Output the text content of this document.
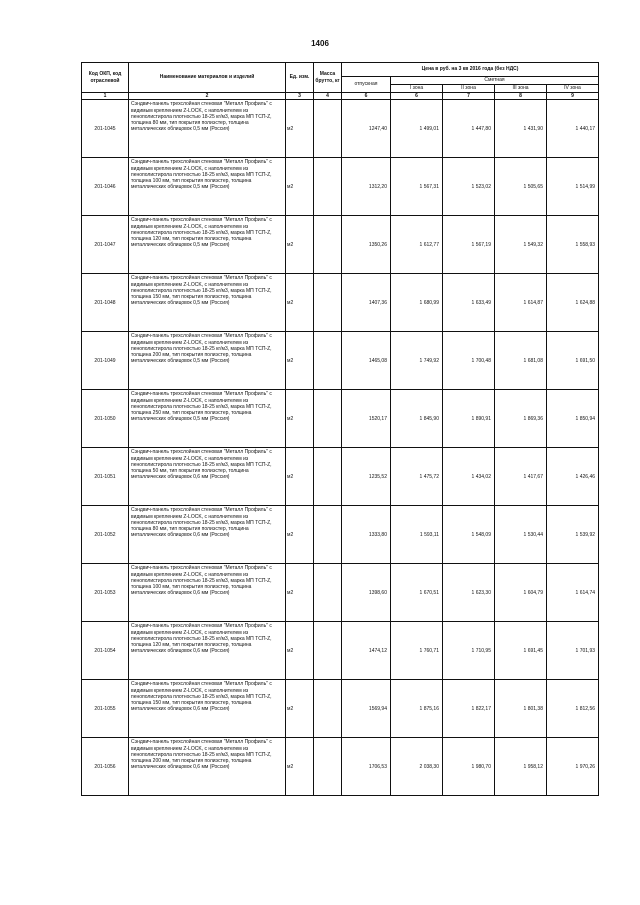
1406
Код ОКП, код отраслевой	Наименование материалов и изделий	Ед. изм.	Масса брутто, кг	Цена в руб. на 3 кв 2016 года (без НДС)				
				отпускная	Сметная			
					I зона	II зона	III зона	IV зона
1	2	3	4	6	6	7	8	9
201-1045	Сэндвич-панель трехслойная стеновая "Металл Профиль" с видимым креплением Z-LOCK, с наполнителем из пенополистирола плотностью 18-25 кг/м3, марка МП ТСП-Z, толщина 80 мм, тип покрытия полиэстер, толщина металлических облицовок 0,5 мм (Россия)	м2		1247,40	1 499,01	1 447,80	1 431,90	1 440,17
201-1046	Сэндвич-панель трехслойная стеновая "Металл Профиль" с видимым креплением Z-LOCK, с наполнителем из пенополистирола плотностью 18-25 кг/м3, марка МП ТСП-Z, толщина 100 мм, тип покрытия полиэстер, толщина металлических облицовок 0,5 мм (Россия)	м2		1312,20	1 567,31	1 523,02	1 505,65	1 514,99
201-1047	Сэндвич-панель трехслойная стеновая "Металл Профиль" с видимым креплением Z-LOCK, с наполнителем из пенополистирола плотностью 18-25 кг/м3, марка МП ТСП-Z, толщина 120 мм, тип покрытия полиэстер, толщина металлических облицовок 0,5 мм (Россия)	м2		1350,26	1 612,77	1 567,19	1 549,32	1 558,93
201-1048	Сэндвич-панель трехслойная стеновая "Металл Профиль" с видимым креплением Z-LOCK, с наполнителем из пенополистирола плотностью 18-25 кг/м3, марка МП ТСП-Z, толщина 150 мм, тип покрытия полиэстер, толщина металлических облицовок 0,5 мм (Россия)	м2		1407,36	1 680,99	1 633,49	1 614,87	1 624,88
201-1049	Сэндвич-панель трехслойная стеновая "Металл Профиль" с видимым креплением Z-LOCK, с наполнителем из пенополистирола плотностью 18-25 кг/м3, марка МП ТСП-Z, толщина 200 мм, тип покрытия полиэстер, толщина металлических облицовок 0,5 мм (Россия)	м2		1465,08	1 749,92	1 700,48	1 681,08	1 691,50
201-1050	Сэндвич-панель трехслойная стеновая "Металл Профиль" с видимым креплением Z-LOCK, с наполнителем из пенополистирола плотностью 18-25 кг/м3, марка МП ТСП-Z, толщина 250 мм, тип покрытия полиэстер, толщина металлических облицовок 0,5 мм (Россия)	м2		1520,17	1 845,90	1 890,91	1 869,36	1 850,94
201-1051	Сэндвич-панель трехслойная стеновая "Металл Профиль" с видимым креплением Z-LOCK, с наполнителем из пенополистирола плотностью 18-25 кг/м3, марка МП ТСП-Z, толщина 50 мм, тип покрытия полиэстер, толщина металлических облицовок 0,6 мм (Россия)	м2		1235,52	1 475,72	1 434,02	1 417,67	1 426,46
201-1052	Сэндвич-панель трехслойная стеновая "Металл Профиль" с видимым креплением Z-LOCK, с наполнителем из пенополистирола плотностью 18-25 кг/м3, марка МП ТСП-Z, толщина 80 мм, тип покрытия полиэстер, толщина металлических облицовок 0,6 мм (Россия)	м2		1333,80	1 593,11	1 548,09	1 530,44	1 539,92
201-1053	Сэндвич-панель трехслойная стеновая "Металл Профиль" с видимым креплением Z-LOCK, с наполнителем из пенополистирола плотностью 18-25 кг/м3, марка МП ТСП-Z, толщина 100 мм, тип покрытия полиэстер, толщина металлических облицовок 0,6 мм (Россия)	м2		1398,60	1 670,51	1 623,30	1 604,79	1 614,74
201-1054	Сэндвич-панель трехслойная стеновая "Металл Профиль" с видимым креплением Z-LOCK, с наполнителем из пенополистирола плотностью 18-25 кг/м3, марка МП ТСП-Z, толщина 120 мм, тип покрытия полиэстер, толщина металлических облицовок 0,6 мм (Россия)	м2		1474,12	1 760,71	1 710,95	1 691,45	1 701,93
201-1055	Сэндвич-панель трехслойная стеновая "Металл Профиль" с видимым креплением Z-LOCK, с наполнителем из пенополистирола плотностью 18-25 кг/м3, марка МП ТСП-Z, толщина 150 мм, тип покрытия полиэстер, толщина металлических облицовок 0,6 мм (Россия)	м2		1569,94	1 875,16	1 822,17	1 801,38	1 812,56
201-1056	Сэндвич-панель трехслойная стеновая "Металл Профиль" с видимым креплением Z-LOCK, с наполнителем из пенополистирола плотностью 18-25 кг/м3, марка МП ТСП-Z, толщина 200 мм, тип покрытия полиэстер, толщина металлических облицовок 0,6 мм (Россия)	м2		1706,53	2 038,30	1 980,70	1 958,12	1 970,26
